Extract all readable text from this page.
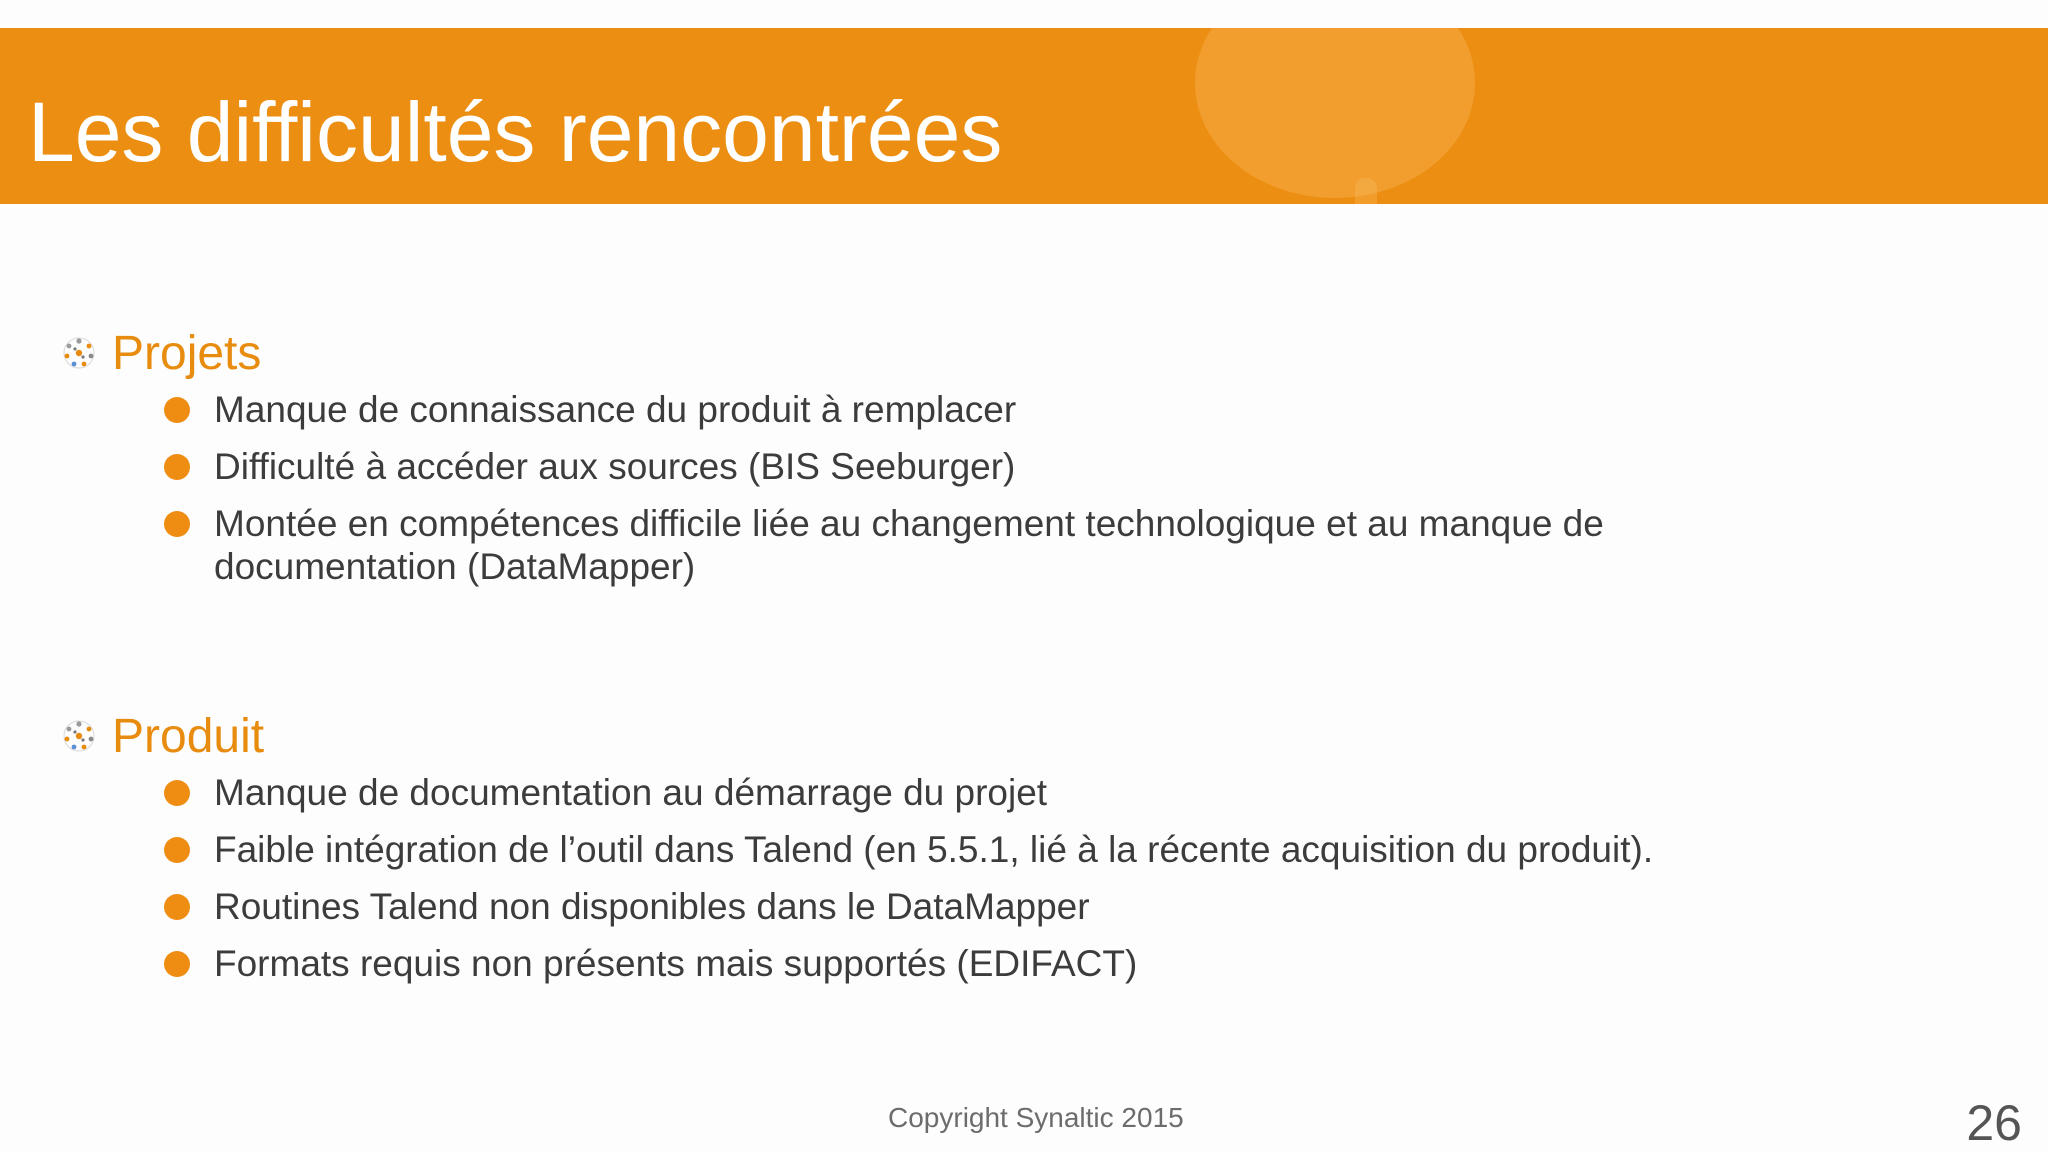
Les difficultés rencontrées
Projets
Manque de connaissance du produit à remplacer
Difficulté à accéder aux sources (BIS Seeburger)
Montée en compétences difficile liée au changement technologique et au manque de documentation (DataMapper)
Produit
Manque de documentation au démarrage du projet
Faible intégration de l’outil dans Talend (en 5.5.1, lié à la récente acquisition du produit).
Routines Talend non disponibles dans le DataMapper
Formats requis non présents mais supportés (EDIFACT)
Copyright Synaltic 2015	26
